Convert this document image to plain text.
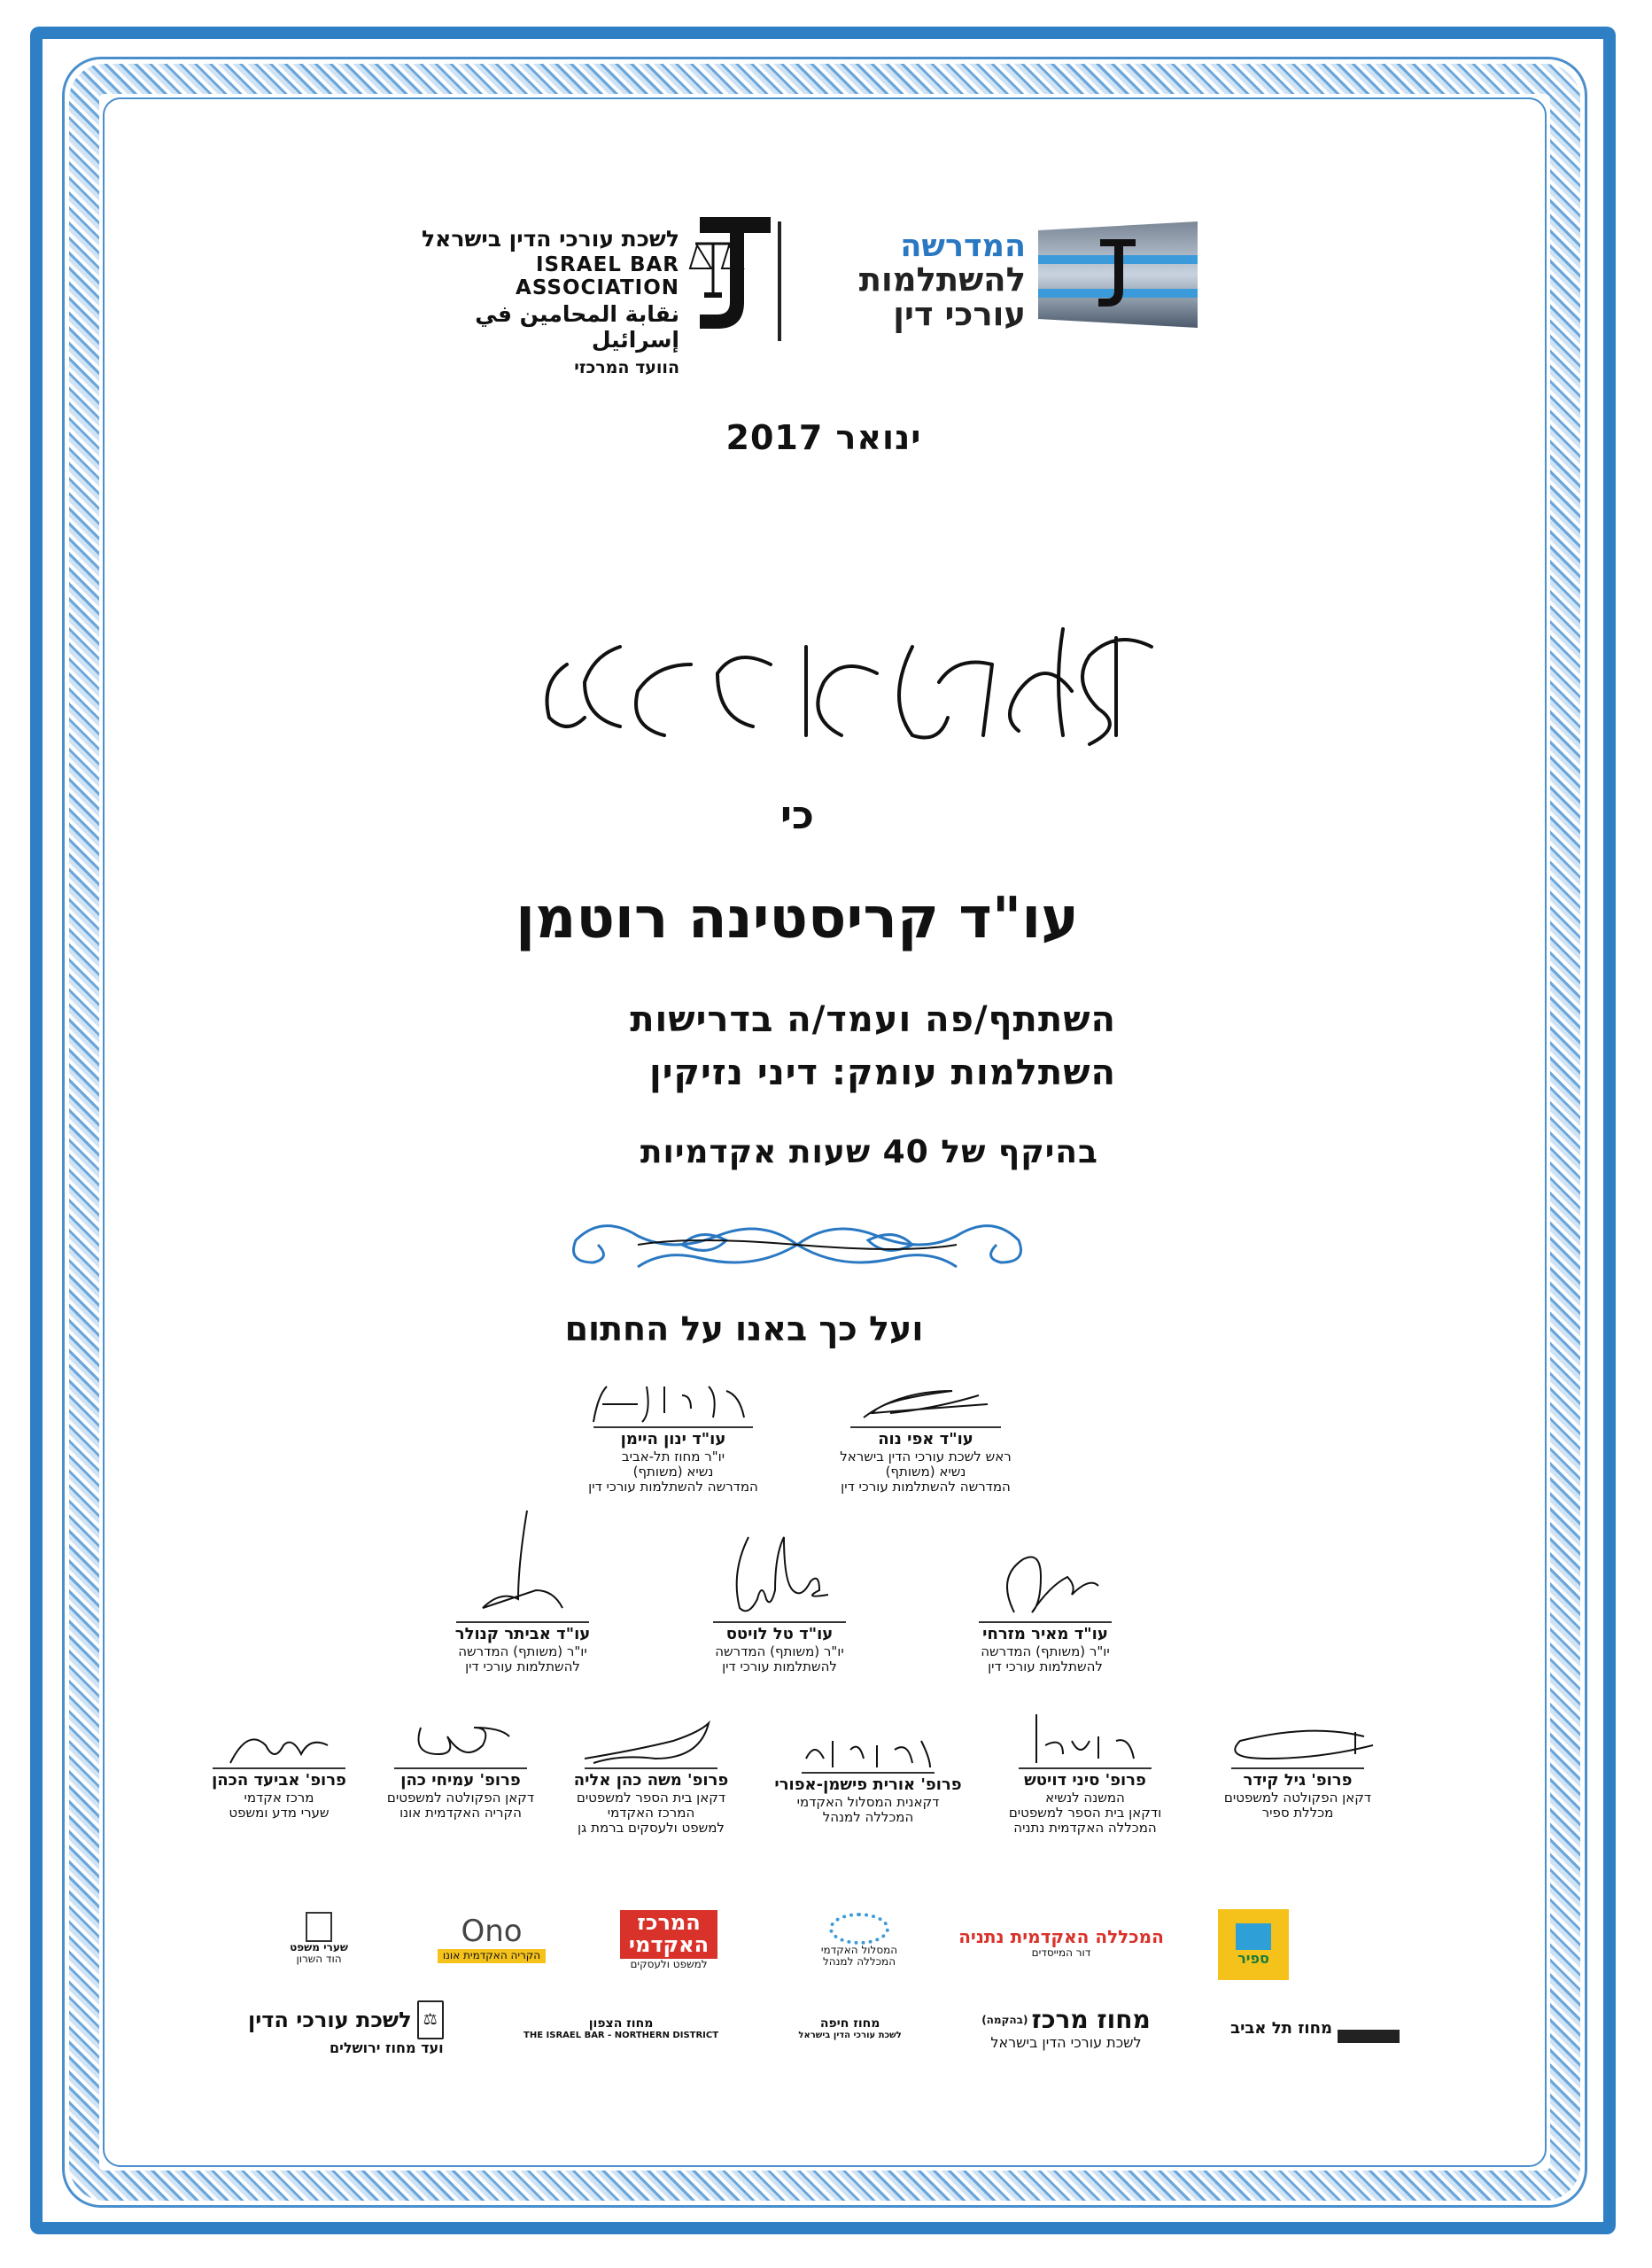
לשכת עורכי הדין בישראל
ISRAEL BAR ASSOCIATION
نقابة المحامين في إسرائيل
הוועד המרכזי
המדרשה
להשתלמות
עורכי דין
ינואר 2017
תעודת הוקרה
כי
עו"ד קריסטינה רוטמן
השתתף/פה ועמד/ה בדרישות
השתלמות עומק: דיני נזיקין
בהיקף של 40 שעות אקדמיות
ועל כך באנו על החתום
עו"ד אפי נוה
ראש לשכת עורכי הדין בישראל
נשיא (משותף)
המדרשה להשתלמות עורכי דין
עו"ד ינון היימן
יו"ר מחוז תל-אביב
נשיא (משותף)
המדרשה להשתלמות עורכי דין
עו"ד מאיר מזרחי
יו"ר (משותף) המדרשה
להשתלמות עורכי דין
עו"ד טל לויטס
יו"ר (משותף) המדרשה
להשתלמות עורכי דין
עו"ד אביתר קנולר
יו"ר (משותף) המדרשה
להשתלמות עורכי דין
פרופ' גיל קידר
דקאן הפקולטה למשפטים
מכללת ספיר
פרופ' סיני דויטש
המשנה לנשיא
ודקאן בית הספר למשפטים
המכללה האקדמית נתניה
פרופ' אורית פישמן-אפורי
דקאנית המסלול האקדמי
המכללה למנהל
פרופ' משה כהן אליה
דקאן בית הספר למשפטים
המרכז האקדמי
למשפט ולעסקים ברמת גן
פרופ' עמיחי כהן
דקאן הפקולטה למשפטים
הקריה האקדמית אונו
פרופ' אביעד הכהן
מרכז אקדמי
שערי מדע ומשפט
ספיר
המכללה האקדמית נתניה
דור המייסדים
המסלול האקדמי
המכללה למנהל
המרכז
האקדמי
למשפט ולעסקים
Ono
הקריה האקדמית אונו
שערי משפט
הוד השרון
⚖
לשכת עורכי הדין
ועד מחוז ירושלים
מחוז הצפון
THE ISRAEL BAR - NORTHERN DISTRICT
מחוז חיפה
לשכת עורכי הדין בישראל
מחוז מרכז
(בהקמה)
לשכת עורכי הדין בישראל
מחוז תל אביב
